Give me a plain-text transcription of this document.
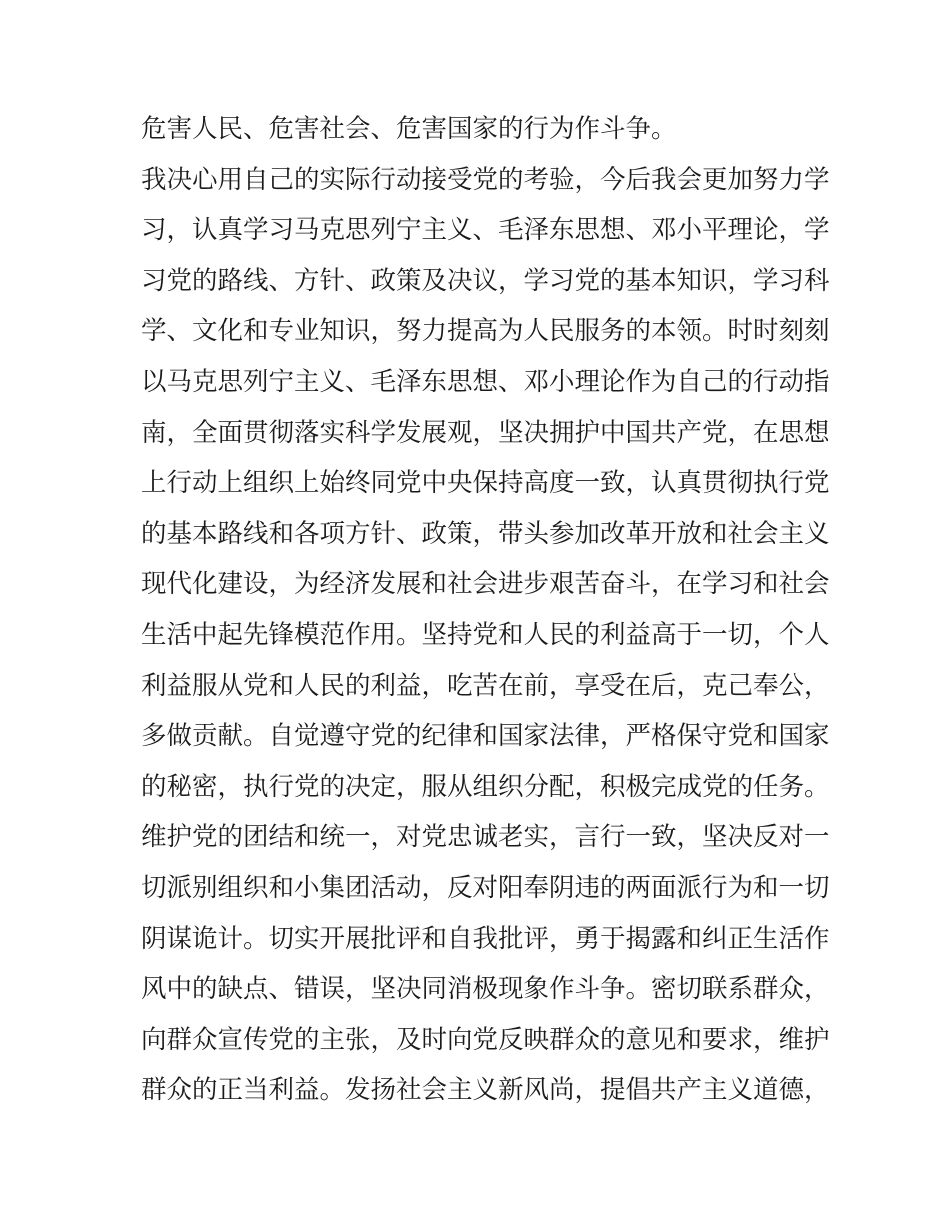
危害人民、危害社会、危害国家的行为作斗争。
我决心用自己的实际行动接受党的考验，今后我会更加努力学
习，认真学习马克思列宁主义、毛泽东思想、邓小平理论，学
习党的路线、方针、政策及决议，学习党的基本知识，学习科
学、文化和专业知识，努力提高为人民服务的本领。时时刻刻
以马克思列宁主义、毛泽东思想、邓小理论作为自己的行动指
南，全面贯彻落实科学发展观，坚决拥护中国共产党，在思想
上行动上组织上始终同党中央保持高度一致，认真贯彻执行党
的基本路线和各项方针、政策，带头参加改革开放和社会主义
现代化建设，为经济发展和社会进步艰苦奋斗，在学习和社会
生活中起先锋模范作用。坚持党和人民的利益高于一切，个人
利益服从党和人民的利益，吃苦在前，享受在后，克己奉公，
多做贡献。自觉遵守党的纪律和国家法律，严格保守党和国家
的秘密，执行党的决定，服从组织分配，积极完成党的任务。
维护党的团结和统一，对党忠诚老实，言行一致，坚决反对一
切派别组织和小集团活动，反对阳奉阴违的两面派行为和一切
阴谋诡计。切实开展批评和自我批评，勇于揭露和纠正生活作
风中的缺点、错误，坚决同消极现象作斗争。密切联系群众，
向群众宣传党的主张，及时向党反映群众的意见和要求，维护
群众的正当利益。发扬社会主义新风尚，提倡共产主义道德，
